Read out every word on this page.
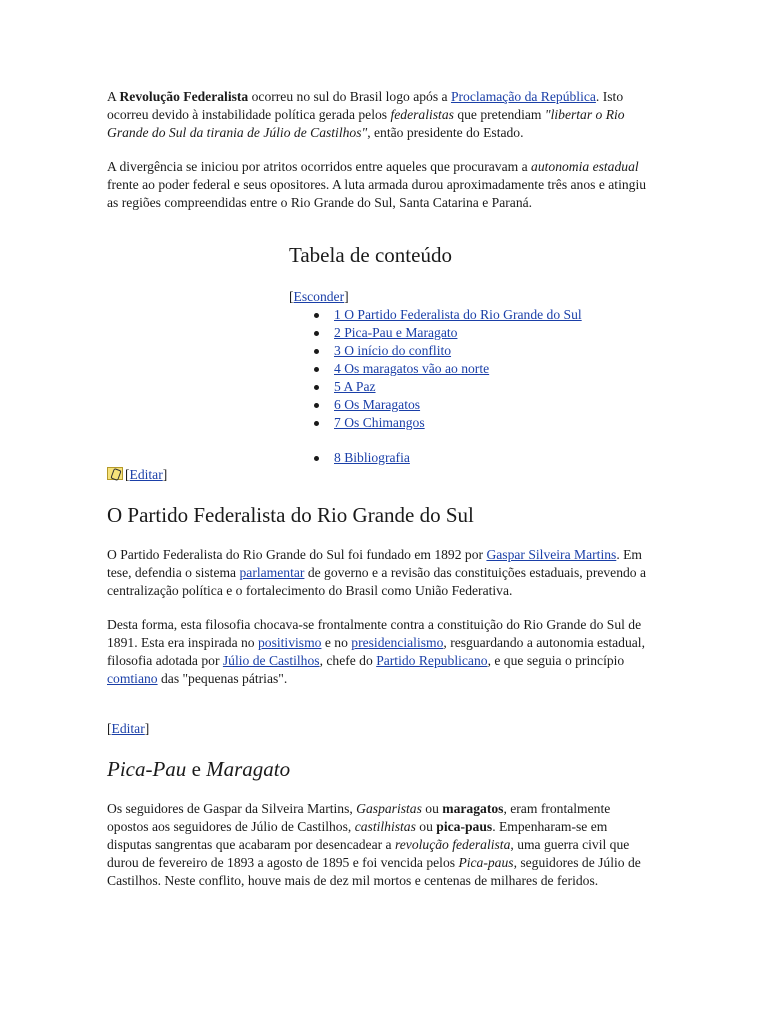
A Revolução Federalista ocorreu no sul do Brasil logo após a Proclamação da República. Isto ocorreu devido à instabilidade política gerada pelos federalistas que pretendiam "libertar o Rio Grande do Sul da tirania de Júlio de Castilhos", então presidente do Estado.

A divergência se iniciou por atritos ocorridos entre aqueles que procuravam a autonomia estadual frente ao poder federal e seus opositores. A luta armada durou aproximadamente três anos e atingiu as regiões compreendidas entre o Rio Grande do Sul, Santa Catarina e Paraná.

Tabela de conteúdo
[Esconder]
1 O Partido Federalista do Rio Grande do Sul
2 Pica-Pau e Maragato
3 O início do conflito
4 Os maragatos vão ao norte
5 A Paz
6 Os Maragatos
7 Os Chimangos
8 Bibliografia
[Editar]
O Partido Federalista do Rio Grande do Sul

O Partido Federalista do Rio Grande do Sul foi fundado em 1892 por Gaspar Silveira Martins. Em tese, defendia o sistema parlamentar de governo e a revisão das constituições estaduais, prevendo a centralização política e o fortalecimento do Brasil como União Federativa.

Desta forma, esta filosofia chocava-se frontalmente contra a constituição do Rio Grande do Sul de 1891. Esta era inspirada no positivismo e no presidencialismo, resguardando a autonomia estadual, filosofia adotada por Júlio de Castilhos, chefe do Partido Republicano, e que seguia o princípio comtiano das "pequenas pátrias".

[Editar]
Pica-Pau e Maragato

Os seguidores de Gaspar da Silveira Martins, Gasparistas ou maragatos, eram frontalmente opostos aos seguidores de Júlio de Castilhos, castilhistas ou pica-paus. Empenharam-se em disputas sangrentas que acabaram por desencadear a revolução federalista, uma guerra civil que durou de fevereiro de 1893 a agosto de 1895 e foi vencida pelos Pica-paus, seguidores de Júlio de Castilhos. Neste conflito, houve mais de dez mil mortos e centenas de milhares de feridos.
